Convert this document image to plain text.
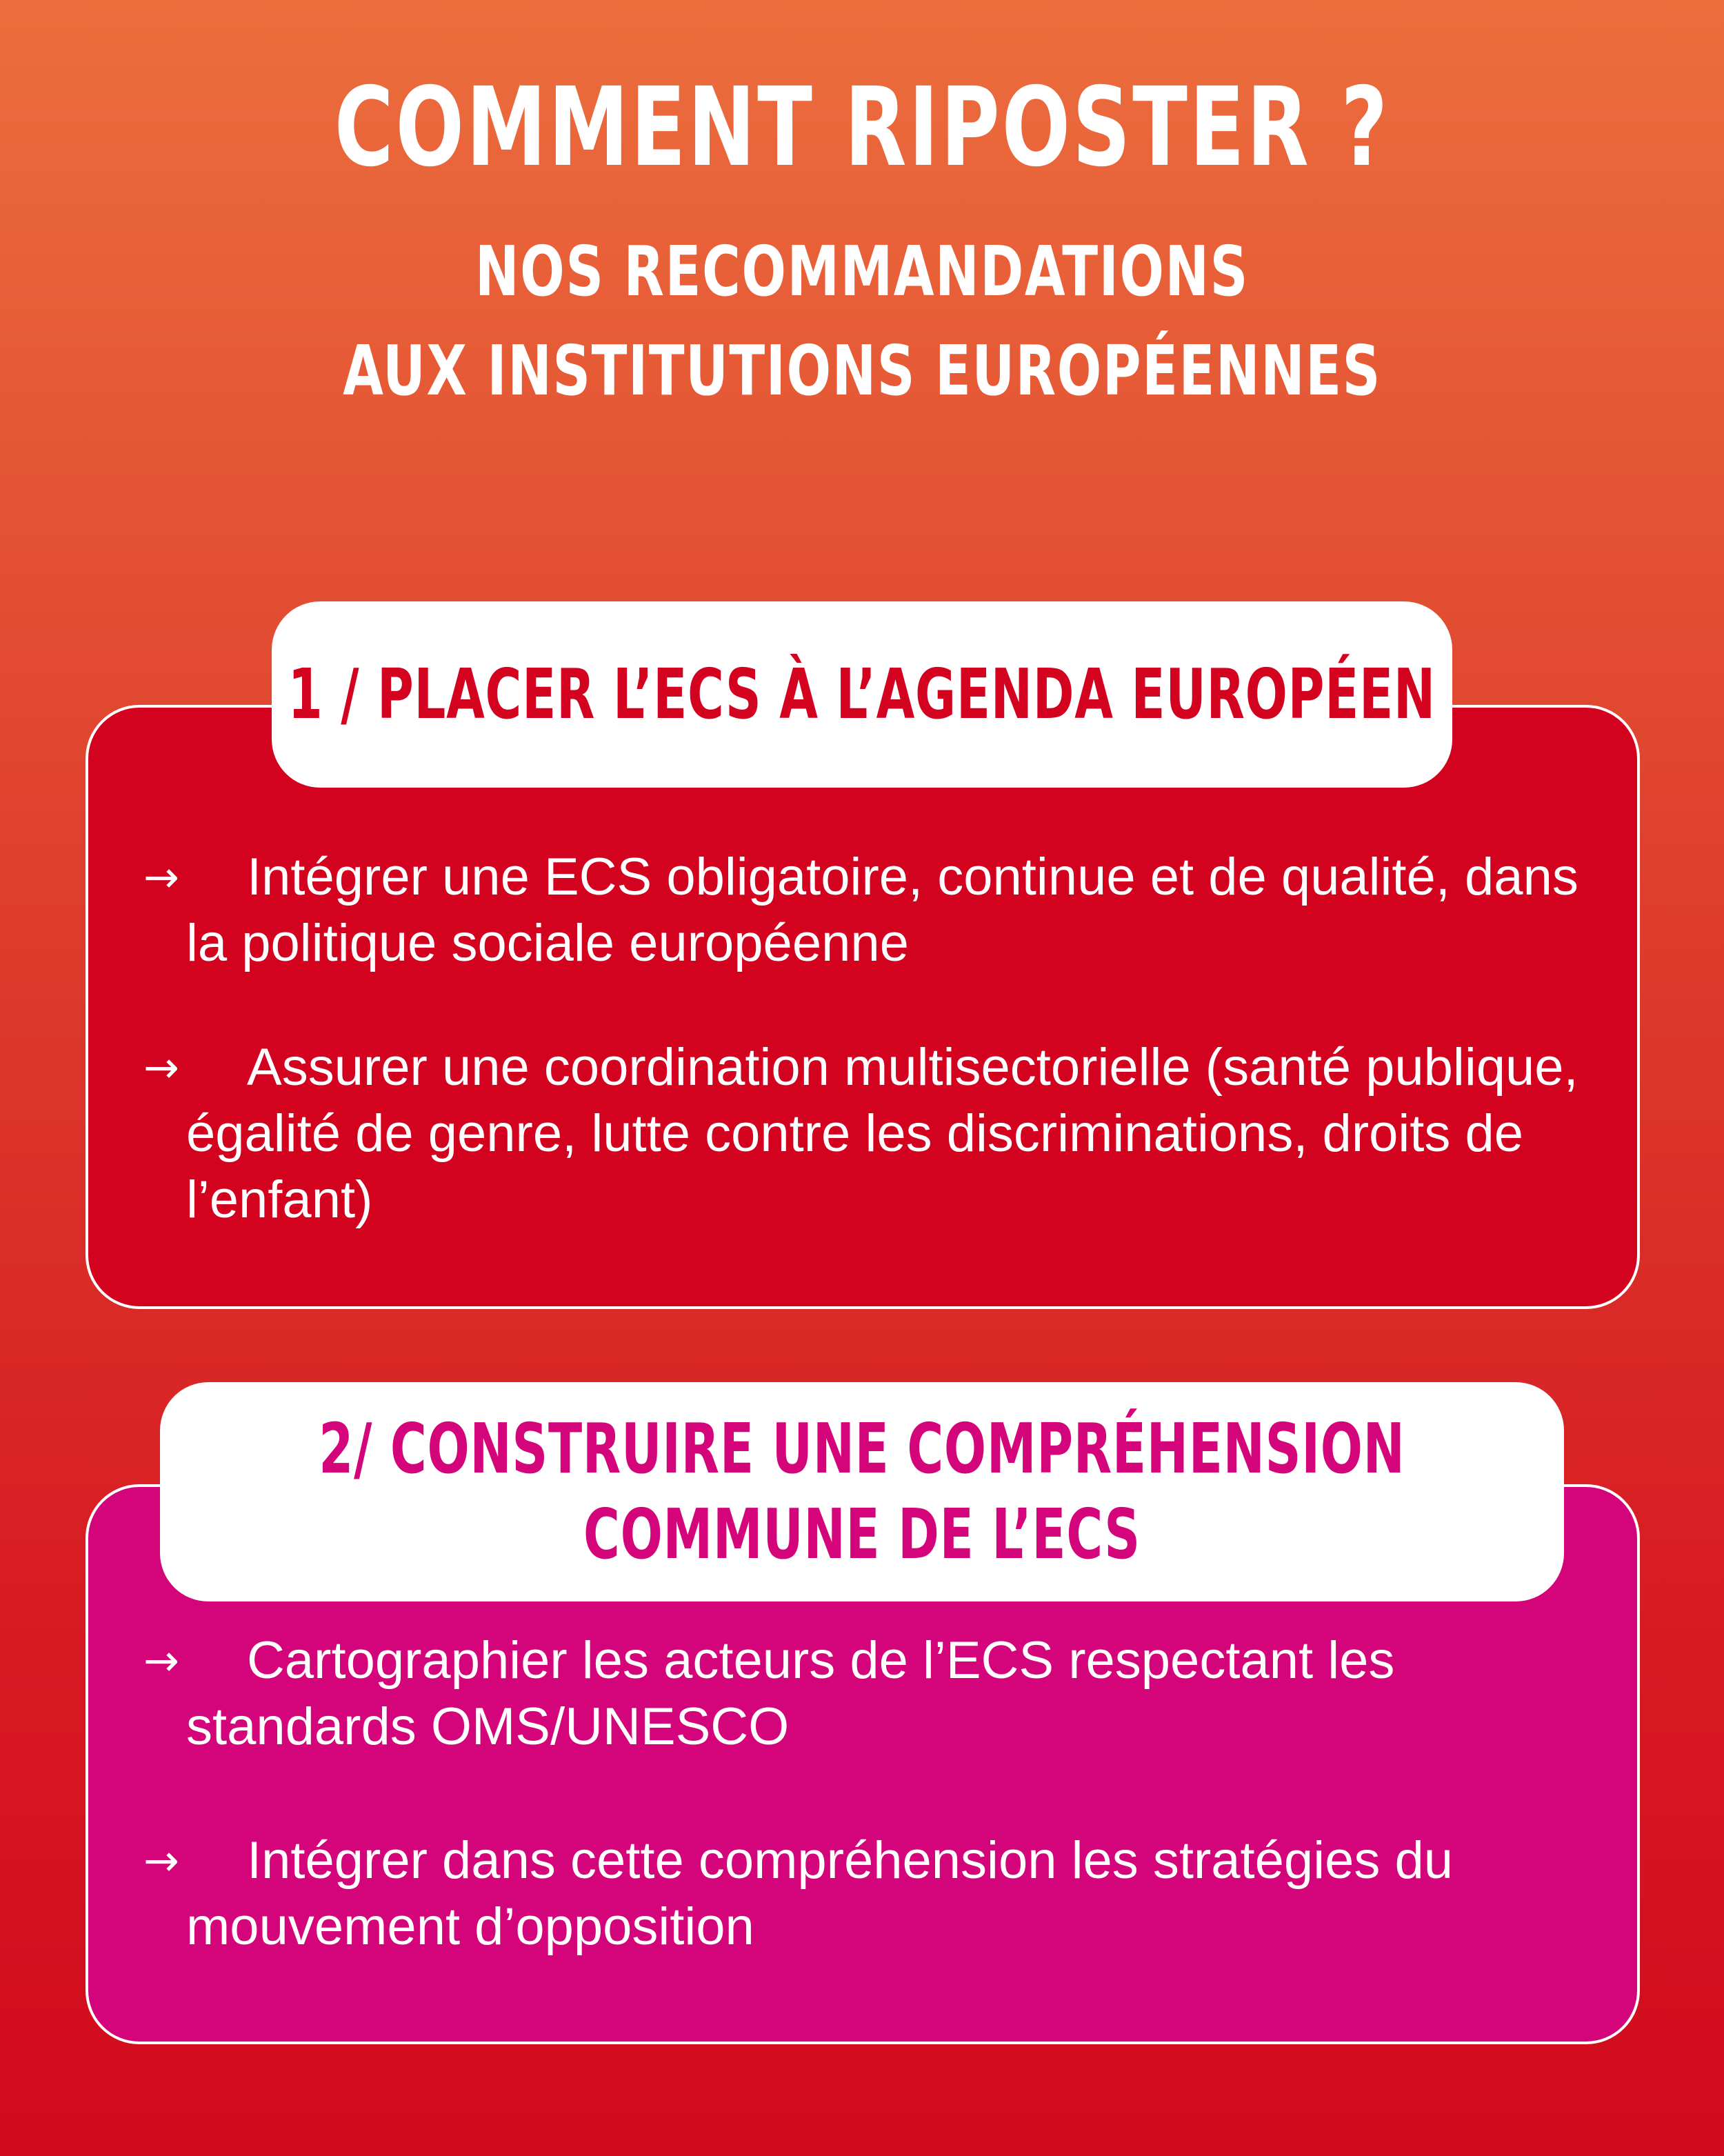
COMMENT RIPOSTER ?
NOS RECOMMANDATIONS
AUX INSTITUTIONS EUROPÉENNES
1 / PLACER L’ECS À L’AGENDA EUROPÉEN

→ Intégrer une ECS obligatoire, continue et de qualité, dans la politique sociale européenne

→ Assurer une coordination multisectorielle (santé publique, égalité de genre, lutte contre les discriminations, droits de l’enfant)

2/ CONSTRUIRE UNE COMPRÉHENSION
COMMUNE DE L’ECS

→ Cartographier les acteurs de l’ECS respectant les standards OMS/UNESCO

→ Intégrer dans cette compréhension les stratégies du mouvement d’opposition
